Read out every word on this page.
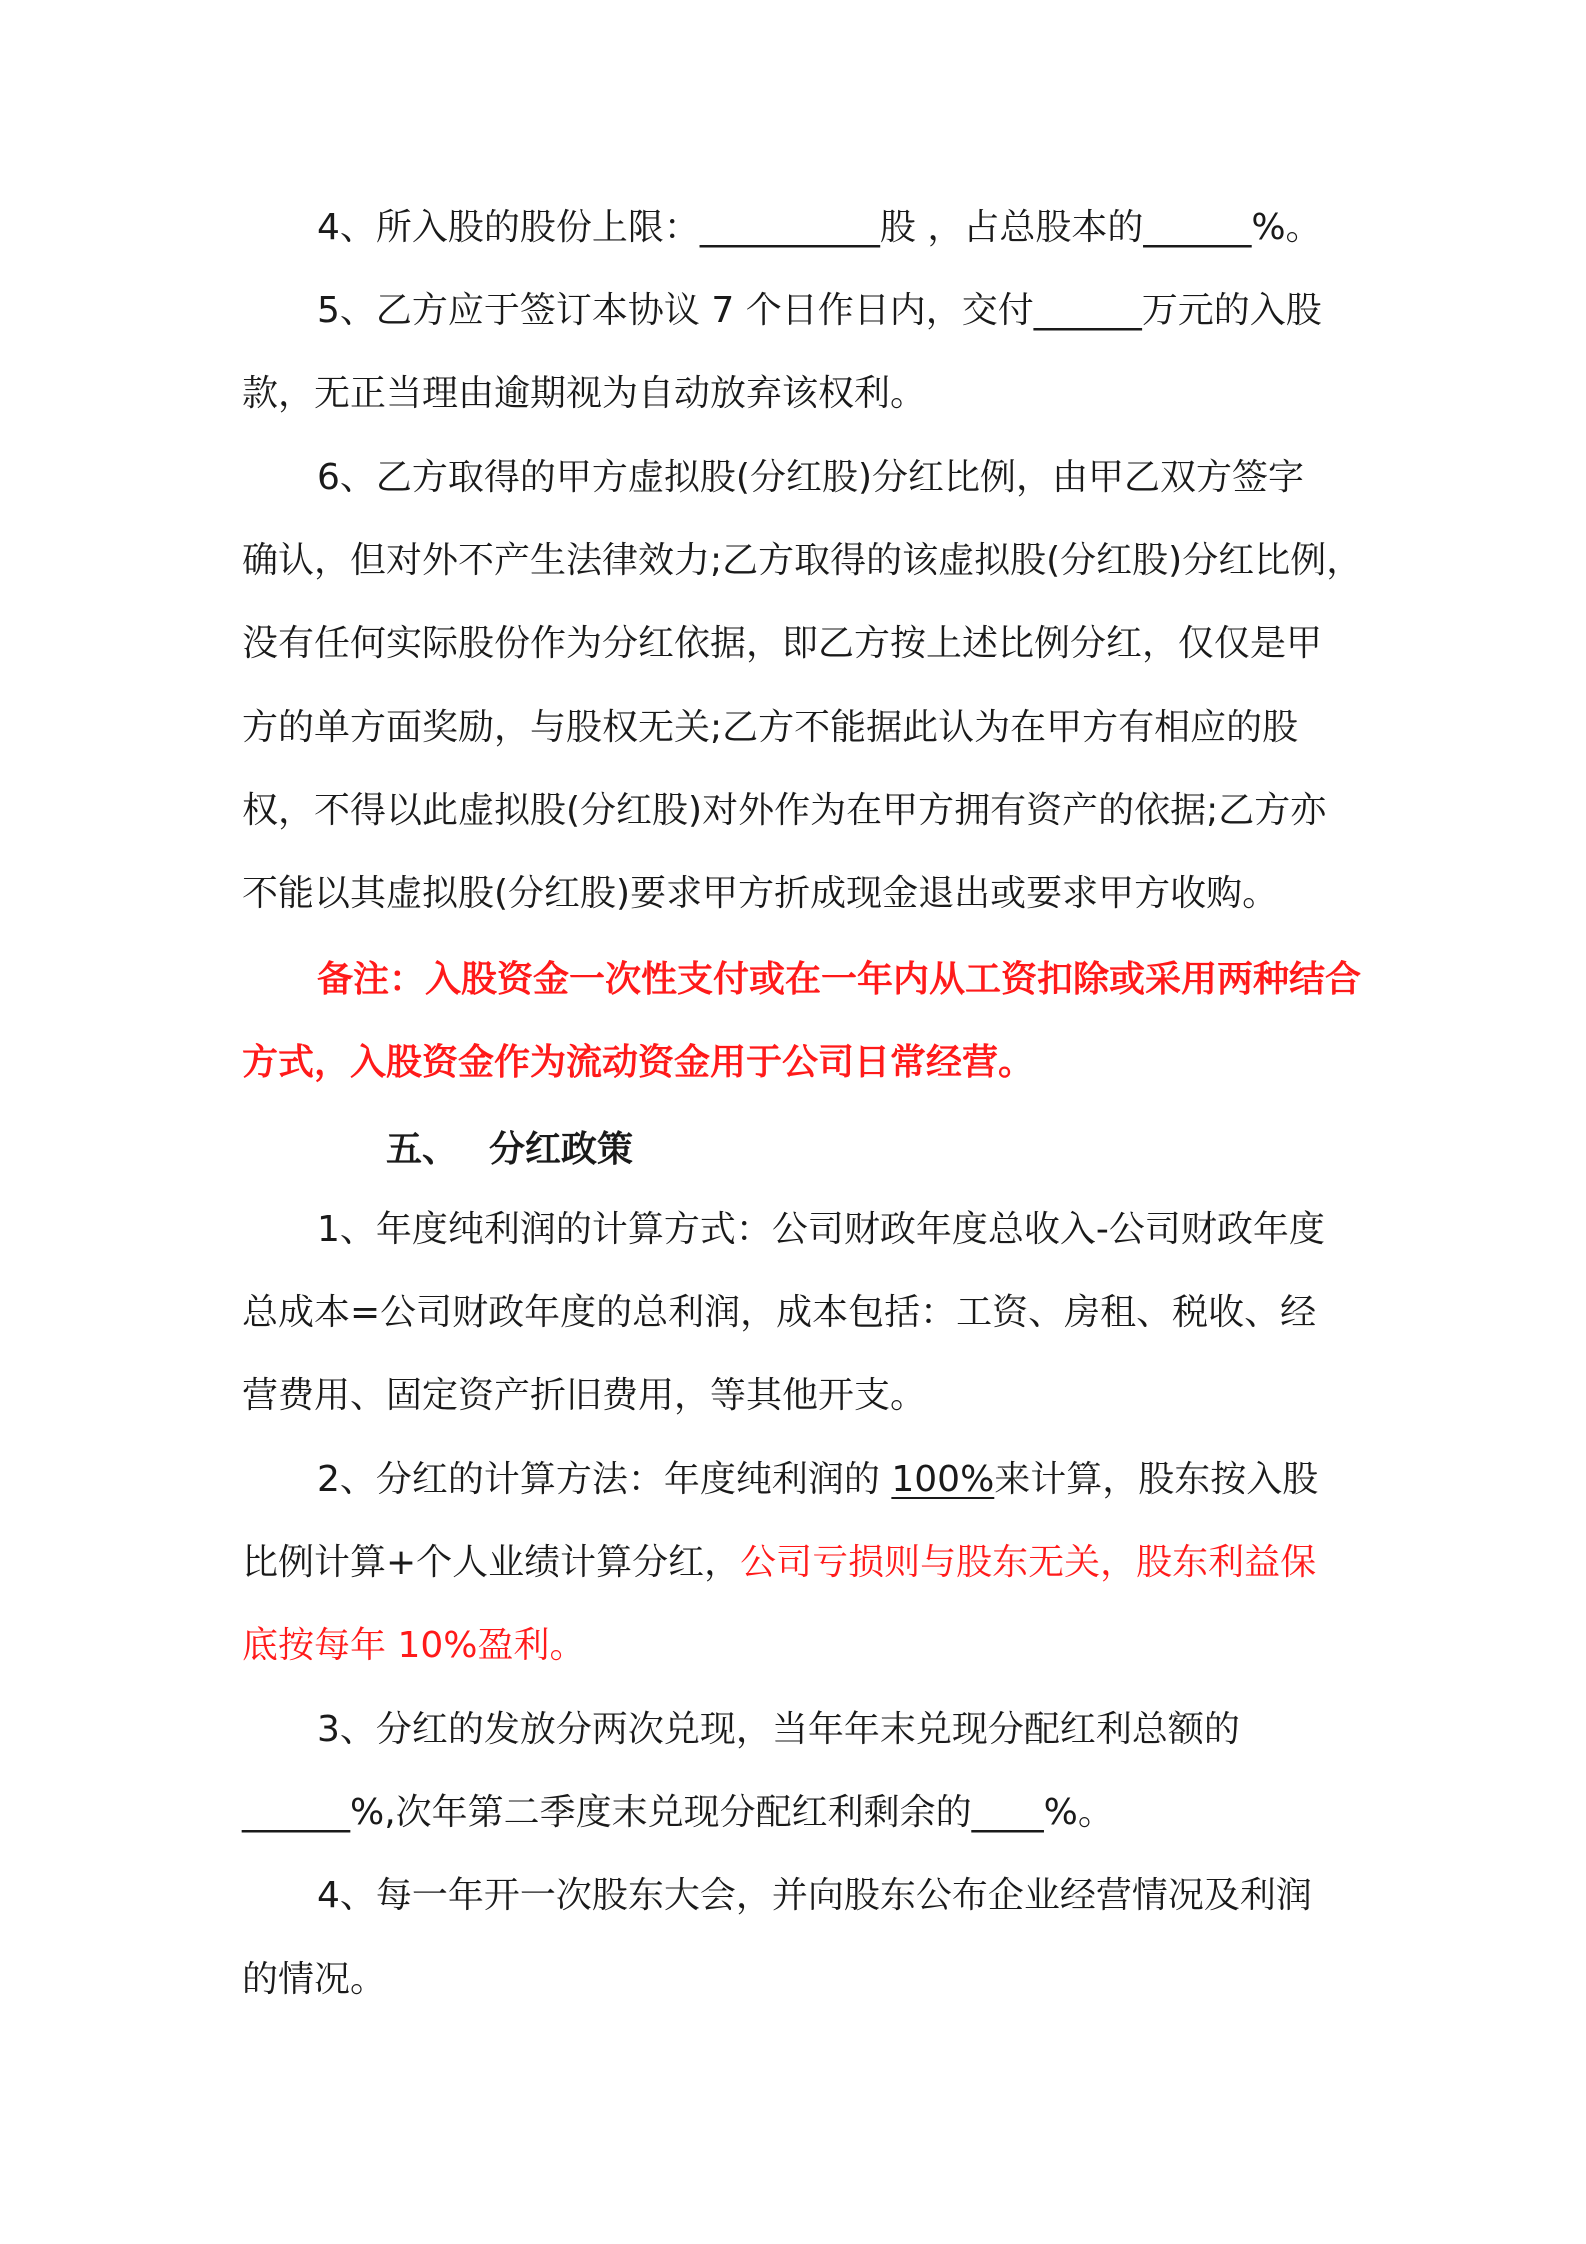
4、所入股的股份上限：__________股 ，占总股本的______%。
5、乙方应于签订本协议 7 个日作日内，交付______万元的入股
款，无正当理由逾期视为自动放弃该权利。
6、乙方取得的甲方虚拟股(分红股)分红比例，由甲乙双方签字
确认，但对外不产生法律效力;乙方取得的该虚拟股(分红股)分红比例，
没有任何实际股份作为分红依据，即乙方按上述比例分红，仅仅是甲
方的单方面奖励，与股权无关;乙方不能据此认为在甲方有相应的股
权，不得以此虚拟股(分红股)对外作为在甲方拥有资产的依据;乙方亦
不能以其虚拟股(分红股)要求甲方折成现金退出或要求甲方收购。
备注：入股资金一次性支付或在一年内从工资扣除或采用两种结合
方式，入股资金作为流动资金用于公司日常经营。
五、 分红政策
1、年度纯利润的计算方式：公司财政年度总收入-公司财政年度
总成本=公司财政年度的总利润，成本包括：工资、房租、税收、经
营费用、固定资产折旧费用，等其他开支。
2、分红的计算方法：年度纯利润的 100%来计算，股东按入股
比例计算+个人业绩计算分红，公司亏损则与股东无关，股东利益保
底按每年 10%盈利。
3、分红的发放分两次兑现，当年年末兑现分配红利总额的
______%,次年第二季度末兑现分配红利剩余的____%。
4、每一年开一次股东大会，并向股东公布企业经营情况及利润
的情况。
